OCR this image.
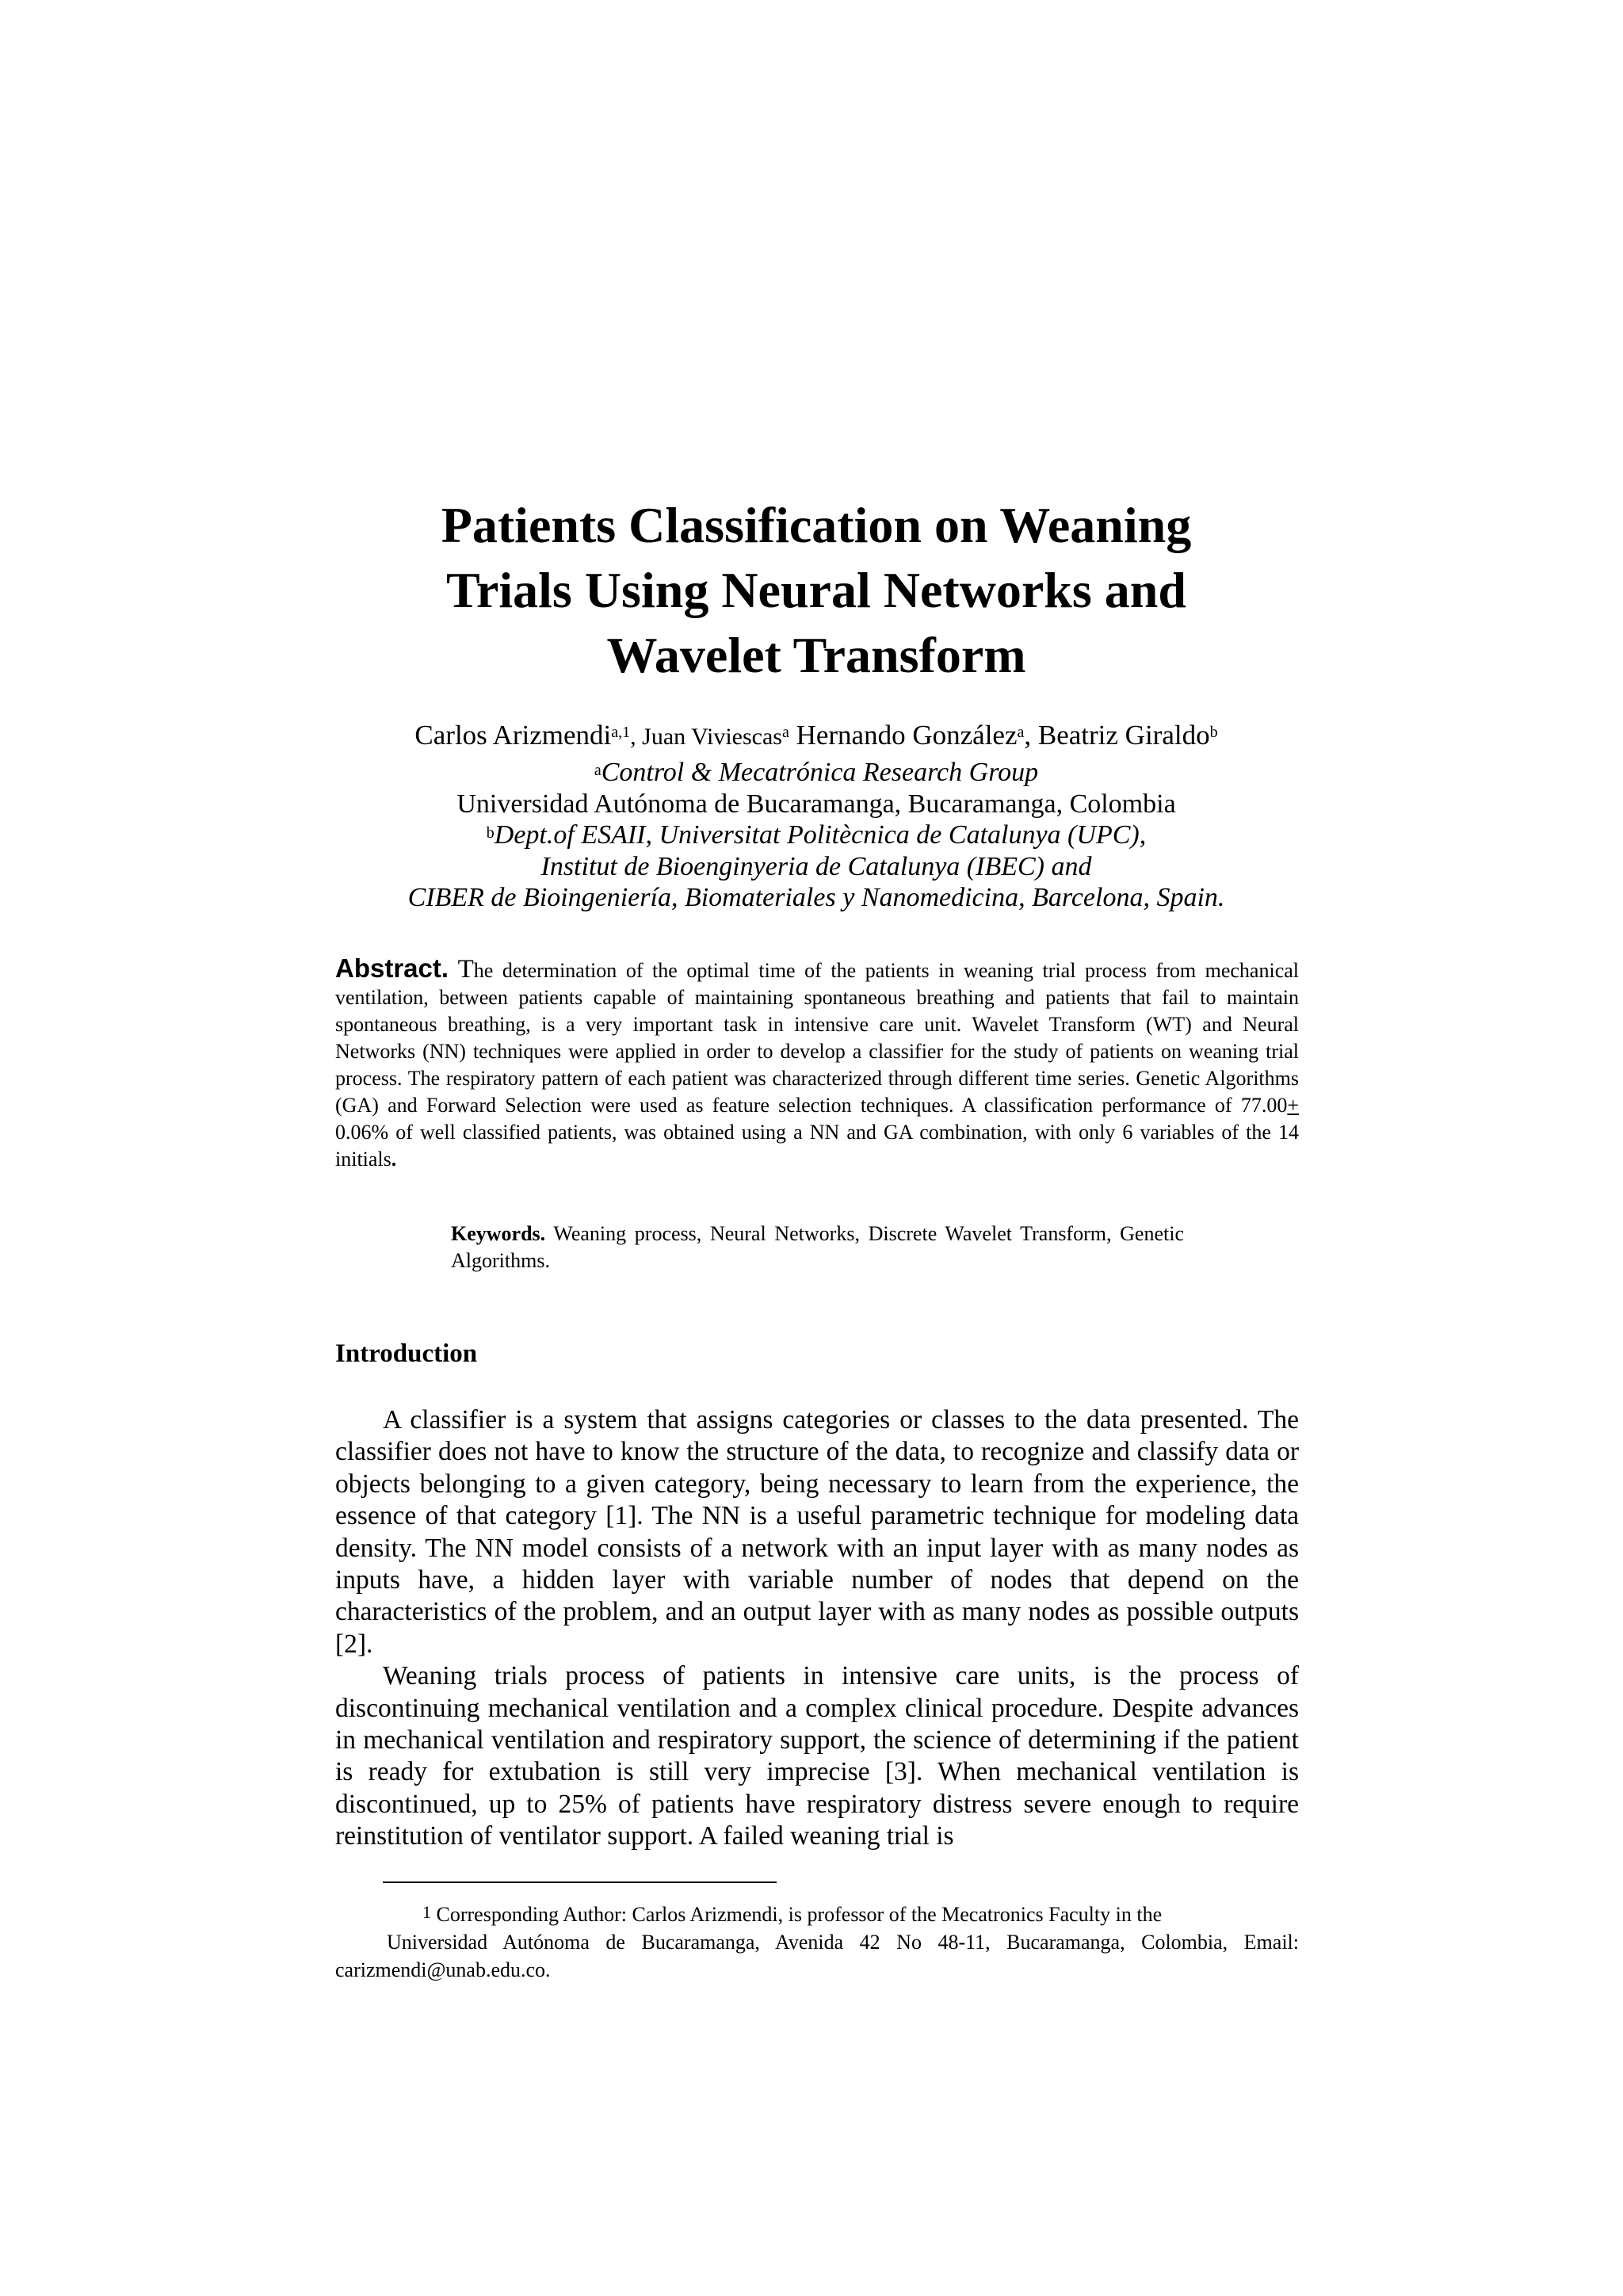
Patients Classification on Weaning
Trials Using Neural Networks and
Wavelet Transform
Carlos Arizmendi$^{a,1}$, Juan Viviescas$^a$ Hernando González$^a$, Beatriz Giraldo$^b$
$^a$Control & Mecatrónica Research Group
Universidad Autónoma de Bucaramanga, Bucaramanga, Colombia
$^b$Dept.of ESAII, Universitat Politècnica de Catalunya (UPC),
Institut de Bioenginyeria de Catalunya (IBEC) and
CIBER de Bioingeniería, Biomateriales y Nanomedicina, Barcelona, Spain.
Abstract. The determination of the optimal time of the patients in weaning trial process from mechanical ventilation, between patients capable of maintaining spontaneous breathing and patients that fail to maintain spontaneous breathing, is a very important task in intensive care unit. Wavelet Transform (WT) and Neural Networks (NN) techniques were applied in order to develop a classifier for the study of patients on weaning trial process. The respiratory pattern of each patient was characterized through different time series. Genetic Algorithms (GA) and Forward Selection were used as feature selection techniques. A classification performance of 77.00+ 0.06% of well classified patients, was obtained using a NN and GA combination, with only 6 variables of the 14 initials.
Keywords. Weaning process, Neural Networks, Discrete Wavelet Transform, Genetic Algorithms.
Introduction

A classifier is a system that assigns categories or classes to the data presented. The classifier does not have to know the structure of the data, to recognize and classify data or objects belonging to a given category, being necessary to learn from the experience, the essence of that category [1]. The NN is a useful parametric technique for modeling data density. The NN model consists of a network with an input layer with as many nodes as inputs have, a hidden layer with variable number of nodes that depend on the characteristics of the problem, and an output layer with as many nodes as possible outputs [2].

Weaning trials process of patients in intensive care units, is the process of discontinuing mechanical ventilation and a complex clinical procedure. Despite advances in mechanical ventilation and respiratory support, the science of determining if the patient is ready for extubation is still very imprecise [3]. When mechanical ventilation is discontinued, up to 25% of patients have respiratory distress severe enough to require reinstitution of ventilator support. A failed weaning trial is

$^1$ Corresponding Author: Carlos Arizmendi, is professor of the Mecatronics Faculty in the

Universidad Autónoma de Bucaramanga, Avenida 42 No 48-11, Bucaramanga, Colombia, Email: carizmendi@unab.edu.co.
